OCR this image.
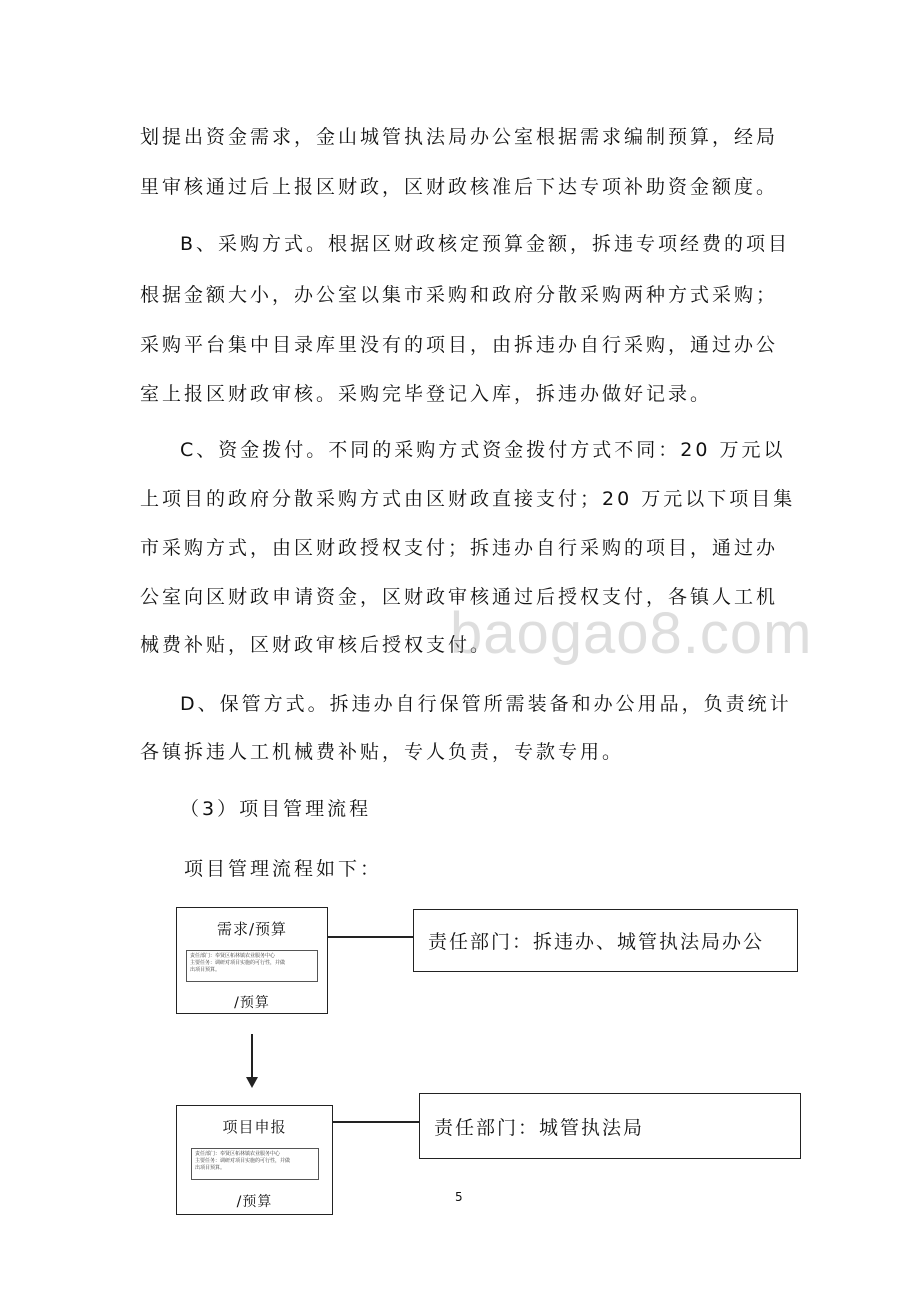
划提出资金需求，金山城管执法局办公室根据需求编制预算，经局
里审核通过后上报区财政，区财政核准后下达专项补助资金额度。
B、采购方式。根据区财政核定预算金额，拆违专项经费的项目
根据金额大小，办公室以集市采购和政府分散采购两种方式采购；
采购平台集中目录库里没有的项目，由拆违办自行采购，通过办公
室上报区财政审核。采购完毕登记入库，拆违办做好记录。
C、资金拨付。不同的采购方式资金拨付方式不同：20 万元以
上项目的政府分散采购方式由区财政直接支付；20 万元以下项目集
市采购方式，由区财政授权支付；拆违办自行采购的项目，通过办
公室向区财政申请资金，区财政审核通过后授权支付，各镇人工机
械费补贴，区财政审核后授权支付。
baogao8.com
D、保管方式。拆违办自行保管所需装备和办公用品，负责统计
各镇拆违人工机械费补贴，专人负责，专款专用。
（3）项目管理流程
项目管理流程如下：
需求/预算
责任部门：奉贤区柘林镇农业服务中心
主要任务：调研对项目实施的可行性，并做
出项目预算。
/预算
责任部门：拆违办、城管执法局办公
项目申报
责任部门：奉贤区柘林镇农业服务中心
主要任务：调研对项目实施的可行性，并做
出项目预算。
/预算
责任部门：城管执法局
5
